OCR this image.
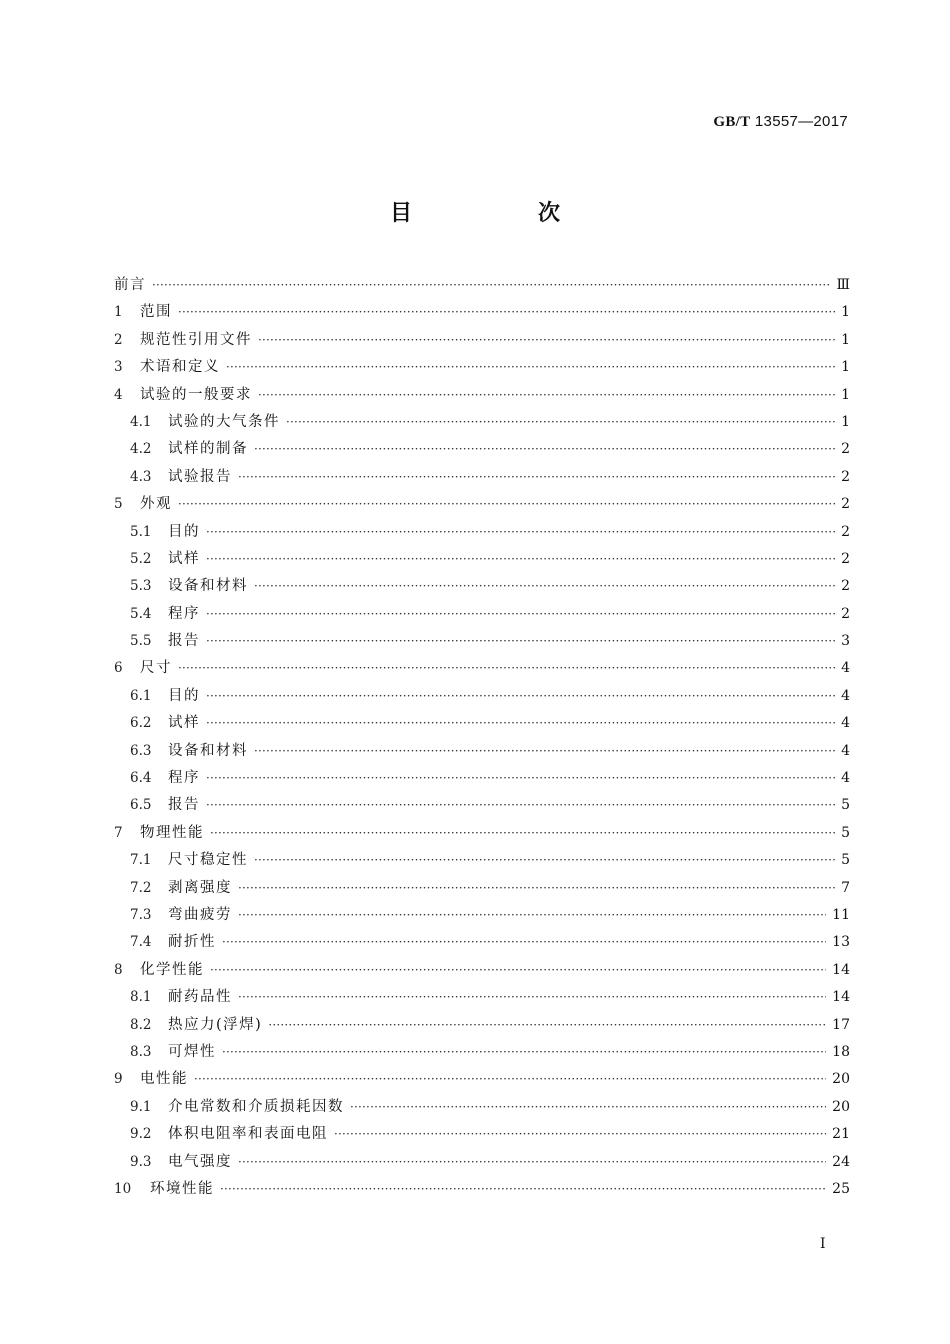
GB/T 13557—2017
目　次
前言 ·····	Ⅲ
1	范围 ·····	1
2	规范性引用文件 ·····	1
3	术语和定义 ·····	1
4	试验的一般要求 ·····	1
4.1	试验的大气条件 ·····	1
4.2	试样的制备 ·····	2
4.3	试验报告 ·····	2
5	外观 ·····	2
5.1	目的 ·····	2
5.2	试样 ·····	2
5.3	设备和材料 ·····	2
5.4	程序 ·····	2
5.5	报告 ·····	3
6	尺寸 ·····	4
6.1	目的 ·····	4
6.2	试样 ·····	4
6.3	设备和材料 ·····	4
6.4	程序 ·····	4
6.5	报告 ·····	5
7	物理性能 ·····	5
7.1	尺寸稳定性 ·····	5
7.2	剥离强度 ·····	7
7.3	弯曲疲劳 ·····	11
7.4	耐折性 ·····	13
8	化学性能 ·····	14
8.1	耐药品性 ·····	14
8.2	热应力(浮焊) ·····	17
8.3	可焊性 ·····	18
9	电性能 ·····	20
9.1	介电常数和介质损耗因数 ·····	20
9.2	体积电阻率和表面电阻 ·····	21
9.3	电气强度 ·····	24
10	环境性能 ·····	25
Ⅰ
